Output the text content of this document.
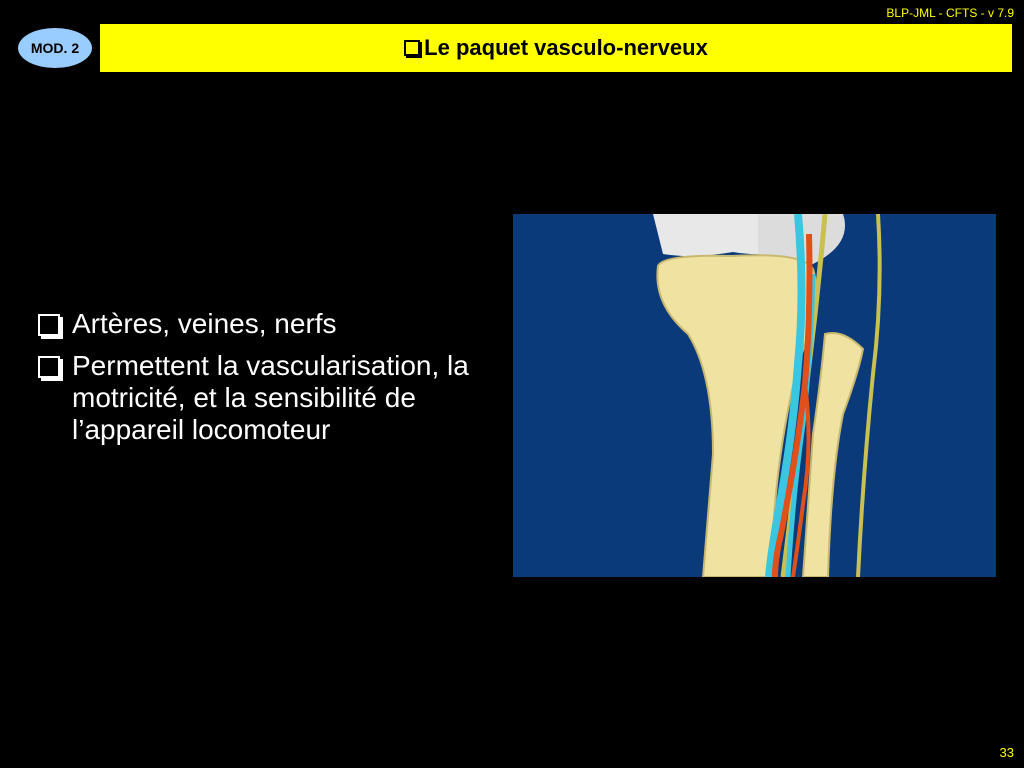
BLP-JML - CFTS - v 7.9
MOD. 2	Le paquet vasculo-nerveux
Artères, veines, nerfs
Permettent la vascularisation, la motricité, et la sensibilité de l’appareil locomoteur
33
